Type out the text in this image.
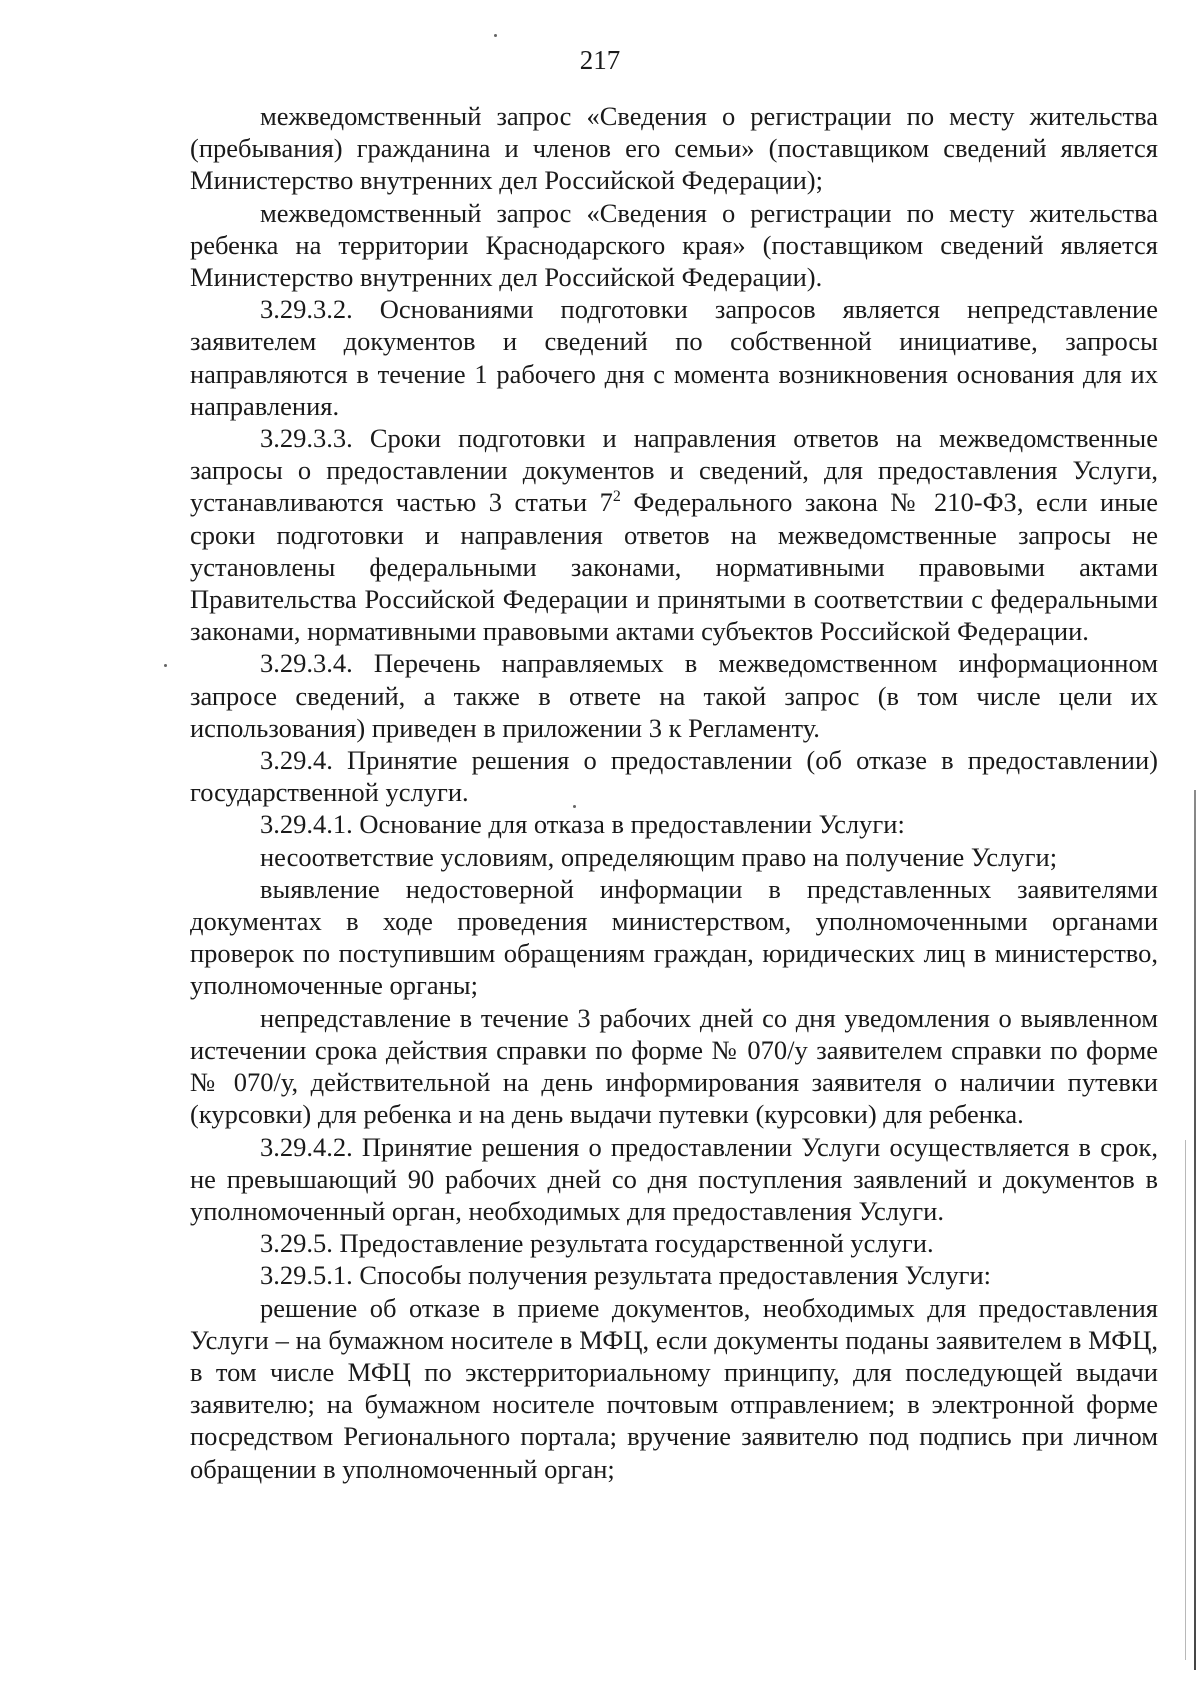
217

межведомственный запрос «Сведения о регистрации по месту жительства (пребывания) гражданина и членов его семьи» (поставщиком сведений является Министерство внутренних дел Российской Федерации);

межведомственный запрос «Сведения о регистрации по месту жительства ребенка на территории Краснодарского края» (поставщиком сведений является Министерство внутренних дел Российской Федерации).

3.29.3.2. Основаниями подготовки запросов является непредставление заявителем документов и сведений по собственной инициативе, запросы направляются в течение 1 рабочего дня с момента возникновения основания для их направления.

3.29.3.3. Сроки подготовки и направления ответов на межведомственные запросы о предоставлении документов и сведений, для предоставления Услуги, устанавливаются частью 3 статьи $7^2$ Федерального закона № 210-ФЗ, если иные сроки подготовки и направления ответов на межведомственные запросы не установлены федеральными законами, нормативными правовыми актами Правительства Российской Федерации и принятыми в соответствии с федеральными законами, нормативными правовыми актами субъектов Российской Федерации.

3.29.3.4. Перечень направляемых в межведомственном информационном запросе сведений, а также в ответе на такой запрос (в том числе цели их использования) приведен в приложении 3 к Регламенту.

3.29.4. Принятие решения о предоставлении (об отказе в предоставлении) государственной услуги.

3.29.4.1. Основание для отказа в предоставлении Услуги:

несоответствие условиям, определяющим право на получение Услуги;

выявление недостоверной информации в представленных заявителями документах в ходе проведения министерством, уполномоченными органами проверок по поступившим обращениям граждан, юридических лиц в министерство, уполномоченные органы;

непредставление в течение 3 рабочих дней со дня уведомления о выявленном истечении срока действия справки по форме № 070/у заявителем справки по форме № 070/у, действительной на день информирования заявителя о наличии путевки (курсовки) для ребенка и на день выдачи путевки (курсовки) для ребенка.

3.29.4.2. Принятие решения о предоставлении Услуги осуществляется в срок, не превышающий 90 рабочих дней со дня поступления заявлений и документов в уполномоченный орган, необходимых для предоставления Услуги.

3.29.5. Предоставление результата государственной услуги.

3.29.5.1. Способы получения результата предоставления Услуги:

решение об отказе в приеме документов, необходимых для предоставления Услуги – на бумажном носителе в МФЦ, если документы поданы заявителем в МФЦ, в том числе МФЦ по экстерриториальному принципу, для последующей выдачи заявителю; на бумажном носителе почтовым отправлением; в электронной форме посредством Регионального портала; вручение заявителю под подпись при личном обращении в уполномоченный орган;
